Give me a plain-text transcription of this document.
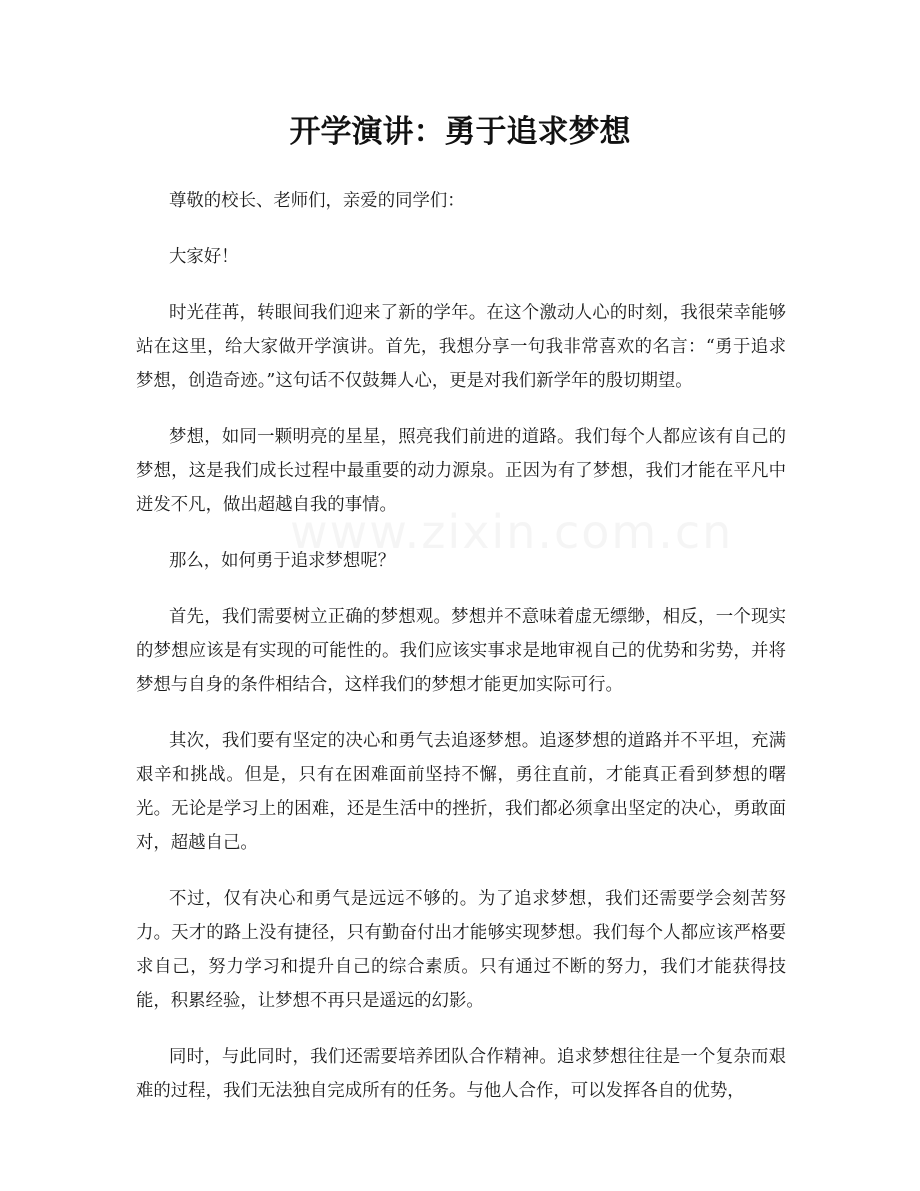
开学演讲：勇于追求梦想
www.zixin.com.cn

尊敬的校长、老师们，亲爱的同学们：

大家好！

时光荏苒，转眼间我们迎来了新的学年。在这个激动人心的时刻，我很荣幸能够站在这里，给大家做开学演讲。首先，我想分享一句我非常喜欢的名言：“勇于追求梦想，创造奇迹。”这句话不仅鼓舞人心，更是对我们新学年的殷切期望。

梦想，如同一颗明亮的星星，照亮我们前进的道路。我们每个人都应该有自己的梦想，这是我们成长过程中最重要的动力源泉。正因为有了梦想，我们才能在平凡中迸发不凡，做出超越自我的事情。

那么，如何勇于追求梦想呢？

首先，我们需要树立正确的梦想观。梦想并不意味着虚无缥缈，相反，一个现实的梦想应该是有实现的可能性的。我们应该实事求是地审视自己的优势和劣势，并将梦想与自身的条件相结合，这样我们的梦想才能更加实际可行。

其次，我们要有坚定的决心和勇气去追逐梦想。追逐梦想的道路并不平坦，充满艰辛和挑战。但是，只有在困难面前坚持不懈，勇往直前，才能真正看到梦想的曙光。无论是学习上的困难，还是生活中的挫折，我们都必须拿出坚定的决心，勇敢面对，超越自己。

不过，仅有决心和勇气是远远不够的。为了追求梦想，我们还需要学会刻苦努力。天才的路上没有捷径，只有勤奋付出才能够实现梦想。我们每个人都应该严格要求自己，努力学习和提升自己的综合素质。只有通过不断的努力，我们才能获得技能，积累经验，让梦想不再只是遥远的幻影。

同时，与此同时，我们还需要培养团队合作精神。追求梦想往往是一个复杂而艰难的过程，我们无法独自完成所有的任务。与他人合作，可以发挥各自的优势，
